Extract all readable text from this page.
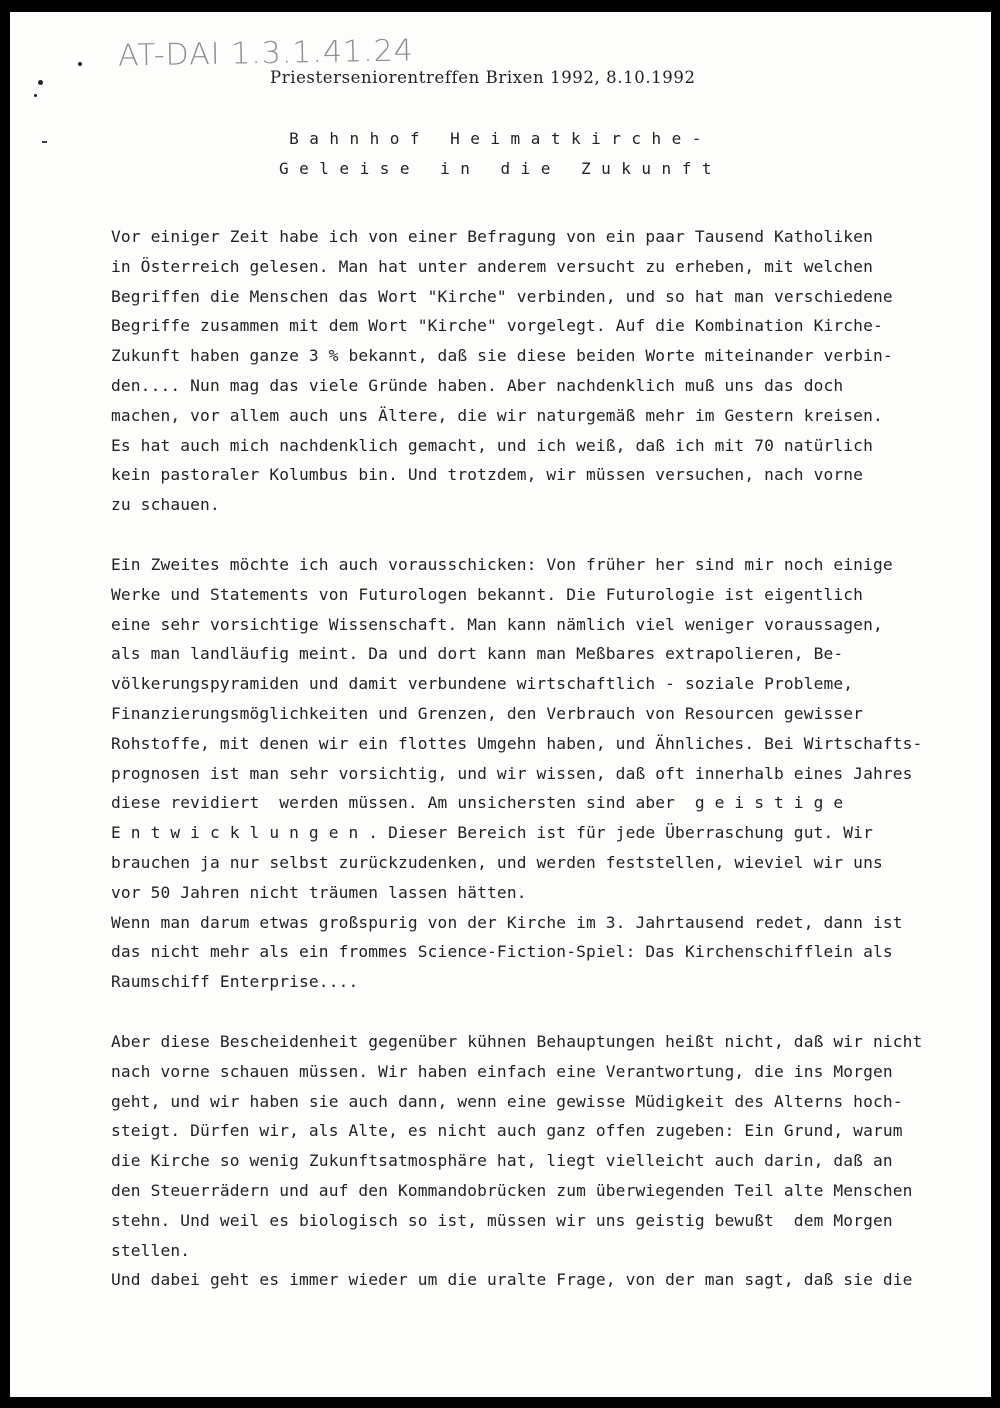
AT-DAI 1.3.1.41.24
Priesterseniorentreffen Brixen 1992, 8.10.1992
Bahnhof Heimatkirche-
Geleise in die Zukunft
Vor einiger Zeit habe ich von einer Befragung von ein paar Tausend Katholiken
in Österreich gelesen. Man hat unter anderem versucht zu erheben, mit welchen
Begriffen die Menschen das Wort "Kirche" verbinden, und so hat man verschiedene
Begriffe zusammen mit dem Wort "Kirche" vorgelegt. Auf die Kombination Kirche-
Zukunft haben ganze 3 % bekannt, daß sie diese beiden Worte miteinander verbin-
den.... Nun mag das viele Gründe haben. Aber nachdenklich muß uns das doch
machen, vor allem auch uns Ältere, die wir naturgemäß mehr im Gestern kreisen.
Es hat auch mich nachdenklich gemacht, und ich weiß, daß ich mit 70 natürlich
kein pastoraler Kolumbus bin. Und trotzdem, wir müssen versuchen, nach vorne
zu schauen.
Ein Zweites möchte ich auch vorausschicken: Von früher her sind mir noch einige
Werke und Statements von Futurologen bekannt. Die Futurologie ist eigentlich
eine sehr vorsichtige Wissenschaft. Man kann nämlich viel weniger voraussagen,
als man landläufig meint. Da und dort kann man Meßbares extrapolieren, Be-
völkerungspyramiden und damit verbundene wirtschaftlich - soziale Probleme,
Finanzierungsmöglichkeiten und Grenzen, den Verbrauch von Resourcen gewisser
Rohstoffe, mit denen wir ein flottes Umgehn haben, und Ähnliches. Bei Wirtschafts-
prognosen ist man sehr vorsichtig, und wir wissen, daß oft innerhalb eines Jahres
diese revidiert  werden müssen. Am unsichersten sind aber  g e i s t i g e
E n t w i c k l u n g e n . Dieser Bereich ist für jede Überraschung gut. Wir
brauchen ja nur selbst zurückzudenken, und werden feststellen, wieviel wir uns
vor 50 Jahren nicht träumen lassen hätten.
Wenn man darum etwas großspurig von der Kirche im 3. Jahrtausend redet, dann ist
das nicht mehr als ein frommes Science-Fiction-Spiel: Das Kirchenschifflein als
Raumschiff Enterprise....
Aber diese Bescheidenheit gegenüber kühnen Behauptungen heißt nicht, daß wir nicht
nach vorne schauen müssen. Wir haben einfach eine Verantwortung, die ins Morgen
geht, und wir haben sie auch dann, wenn eine gewisse Müdigkeit des Alterns hoch-
steigt. Dürfen wir, als Alte, es nicht auch ganz offen zugeben: Ein Grund, warum
die Kirche so wenig Zukunftsatmosphäre hat, liegt vielleicht auch darin, daß an
den Steuerrädern und auf den Kommandobrücken zum überwiegenden Teil alte Menschen
stehn. Und weil es biologisch so ist, müssen wir uns geistig bewußt  dem Morgen
stellen.
Und dabei geht es immer wieder um die uralte Frage, von der man sagt, daß sie die
